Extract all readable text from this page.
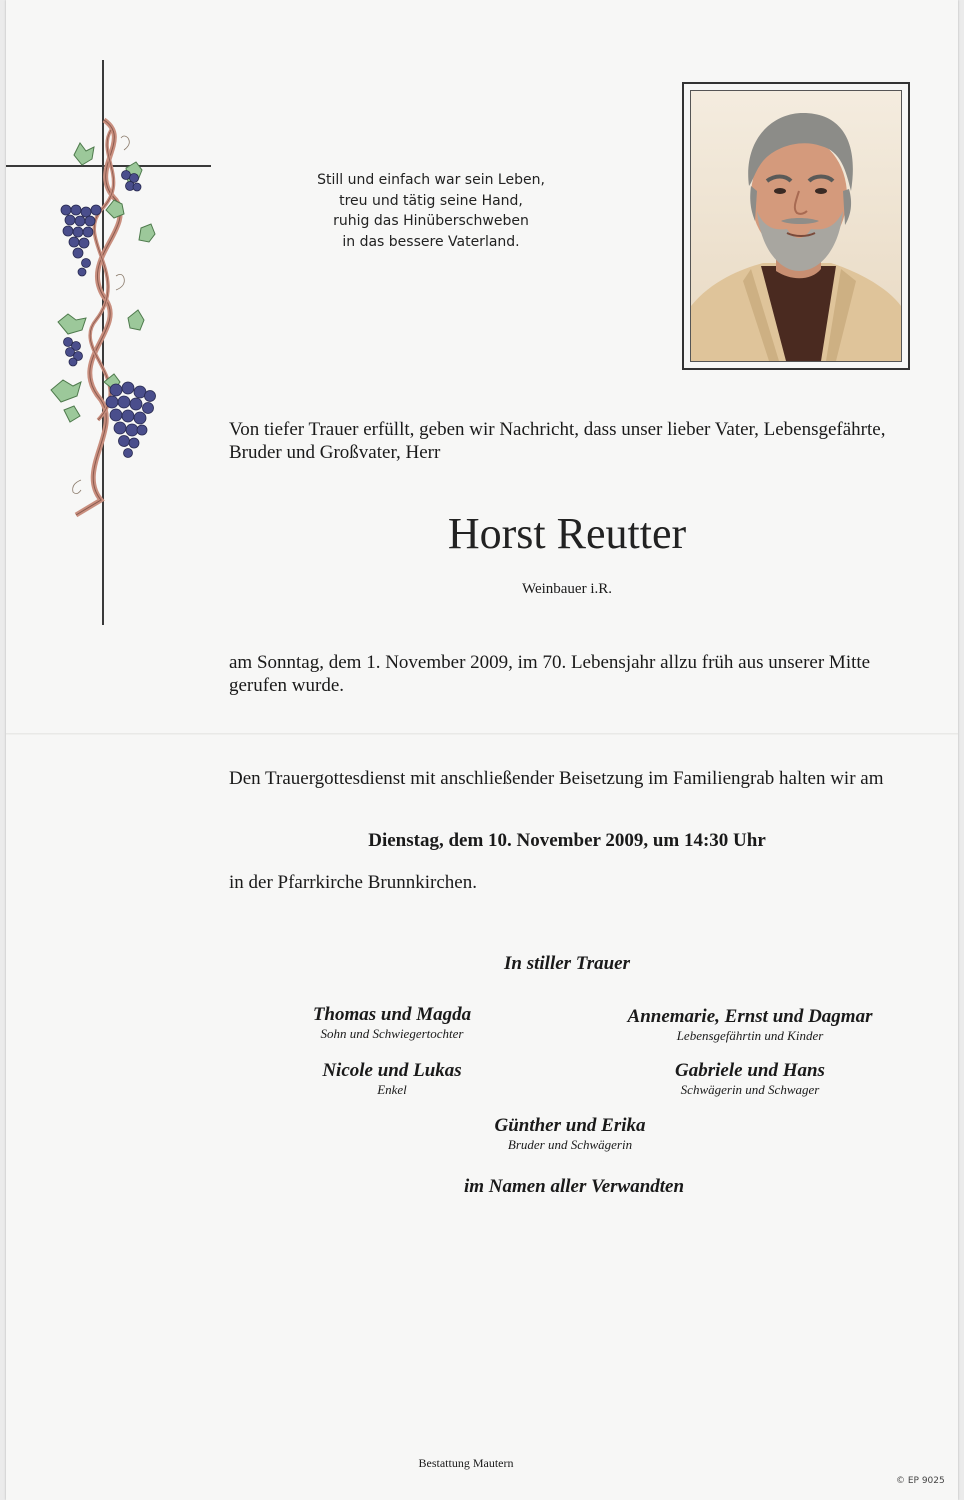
Still und einfach war sein Leben,
treu und tätig seine Hand,
ruhig das Hinüberschweben
in das bessere Vaterland.
Von tiefer Trauer erfüllt, geben wir Nachricht, dass unser lieber Vater, Lebensgefährte, Bruder und Großvater, Herr
Horst Reutter
Weinbauer i.R.
am Sonntag, dem 1. November 2009, im 70. Lebensjahr allzu früh aus unserer Mitte gerufen wurde.
Den Trauergottesdienst mit anschließender Beisetzung im Familiengrab halten wir am
Dienstag, dem 10. November 2009, um 14:30 Uhr
in der Pfarrkirche Brunnkirchen.
In stiller Trauer
Thomas und Magda
Sohn und Schwiegertochter
Annemarie, Ernst und Dagmar
Lebensgefährtin und Kinder
Nicole und Lukas
Enkel
Gabriele und Hans
Schwägerin und Schwager
Günther und Erika
Bruder und Schwägerin
im Namen aller Verwandten
Bestattung Mautern
© EP 9025
